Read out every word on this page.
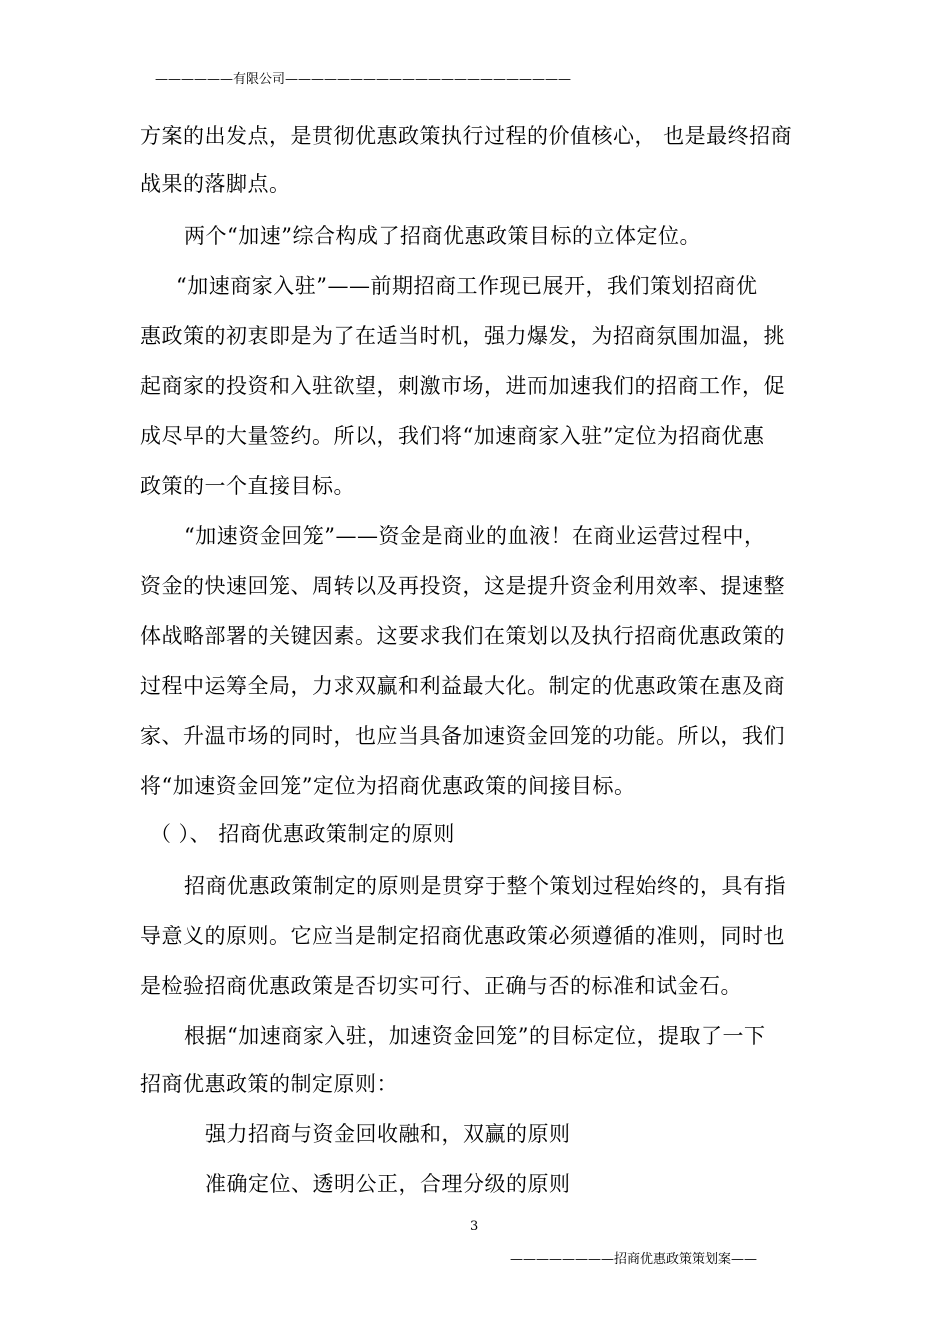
——————有限公司——————————————————————
方案的出发点，是贯彻优惠政策执行过程的价值核心， 也是最终招商
战果的落脚点。
两个“加速”综合构成了招商优惠政策目标的立体定位。
“加速商家入驻”——前期招商工作现已展开，我们策划招商优
惠政策的初衷即是为了在适当时机，强力爆发，为招商氛围加温，挑
起商家的投资和入驻欲望，刺激市场，进而加速我们的招商工作，促
成尽早的大量签约。所以，我们将“加速商家入驻”定位为招商优惠
政策的一个直接目标。
“加速资金回笼”——资金是商业的血液！在商业运营过程中，
资金的快速回笼、周转以及再投资，这是提升资金利用效率、提速整
体战略部署的关键因素。这要求我们在策划以及执行招商优惠政策的
过程中运筹全局，力求双赢和利益最大化。制定的优惠政策在惠及商
家、升温市场的同时，也应当具备加速资金回笼的功能。所以，我们
将“加速资金回笼”定位为招商优惠政策的间接目标。
（ ）、 招商优惠政策制定的原则
招商优惠政策制定的原则是贯穿于整个策划过程始终的，具有指
导意义的原则。它应当是制定招商优惠政策必须遵循的准则，同时也
是检验招商优惠政策是否切实可行、正确与否的标准和试金石。
根据“加速商家入驻，加速资金回笼”的目标定位，提取了一下
招商优惠政策的制定原则：
强力招商与资金回收融和，双赢的原则
准确定位、透明公正，合理分级的原则
3
————————招商优惠政策策划案——
